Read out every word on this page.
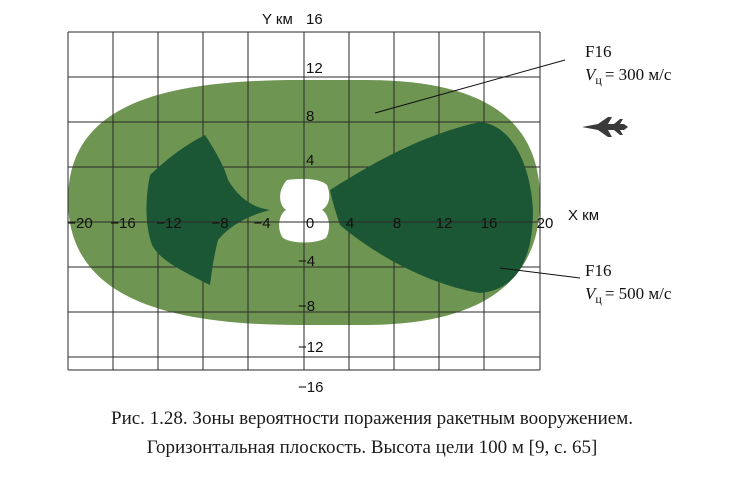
Y км
X км
−20 −16 −12 −8 −4 0 4	8 12 16	20
16
12
8
4
−4
−8
−12
−16
F16
$V_ц = 300$ м/с
F16
$V_ц = 500$ м/с
Рис. 1.28. Зоны вероятности поражения ракетным вооружением.
Горизонтальная плоскость. Высота цели 100 м [9, с. 65]
